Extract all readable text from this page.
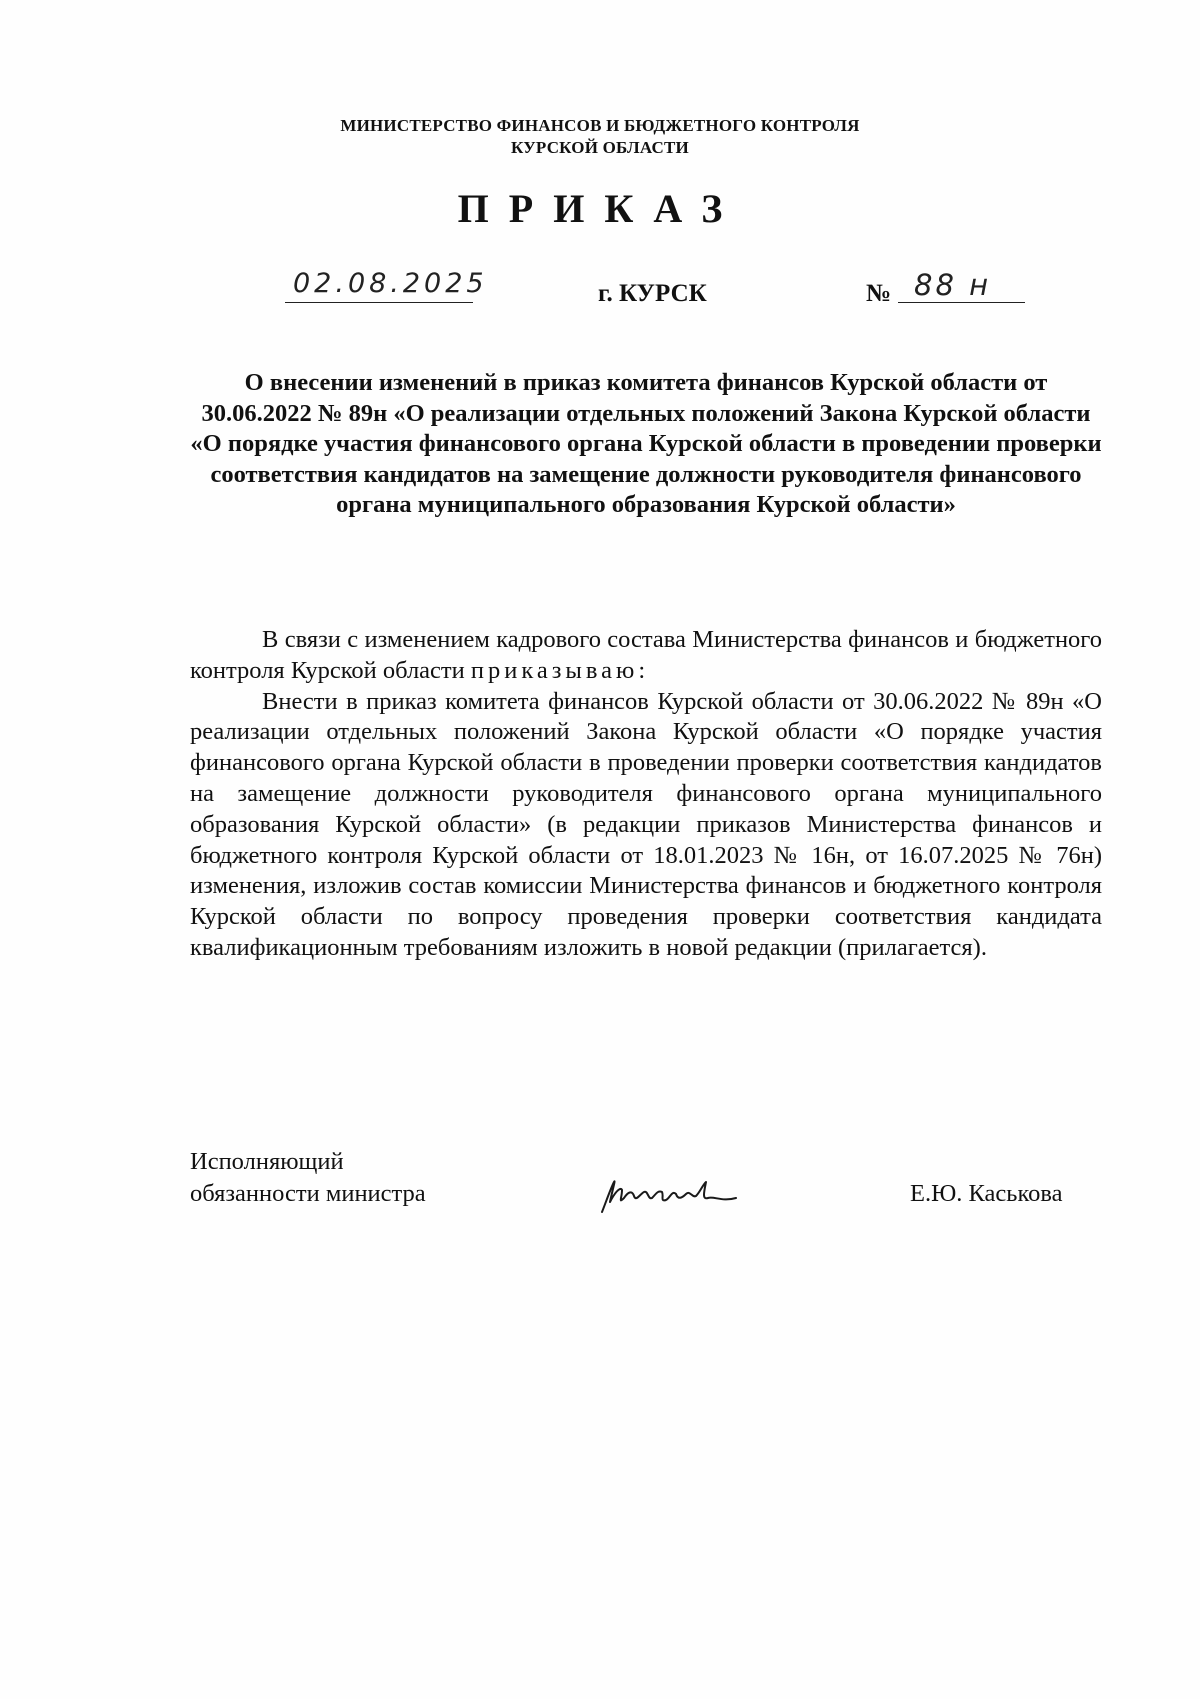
МИНИСТЕРСТВО ФИНАНСОВ И БЮДЖЕТНОГО КОНТРОЛЯ
КУРСКОЙ ОБЛАСТИ
ПРИКАЗ
02.08.2025	г. КУРСК	№ 88 н
О внесении изменений в приказ комитета финансов Курской области от 30.06.2022 № 89н «О реализации отдельных положений Закона Курской области «О порядке участия финансового органа Курской области в проведении проверки соответствия кандидатов на замещение должности руководителя финансового органа муниципального образования Курской области»

В связи с изменением кадрового состава Министерства финансов и бюджетного контроля Курской области приказываю:

Внести в приказ комитета финансов Курской области от 30.06.2022 № 89н «О реализации отдельных положений Закона Курской области «О порядке участия финансового органа Курской области в проведении проверки соответствия кандидатов на замещение должности руководителя финансового органа муниципального образования Курской области» (в редакции приказов Министерства финансов и бюджетного контроля Курской области от 18.01.2023 № 16н, от 16.07.2025 № 76н) изменения, изложив состав комиссии Министерства финансов и бюджетного контроля Курской области по вопросу проведения проверки соответствия кандидата квалификационным требованиям изложить в новой редакции (прилагается).

Исполняющий
обязанности министра	Е.Ю. Каськова
